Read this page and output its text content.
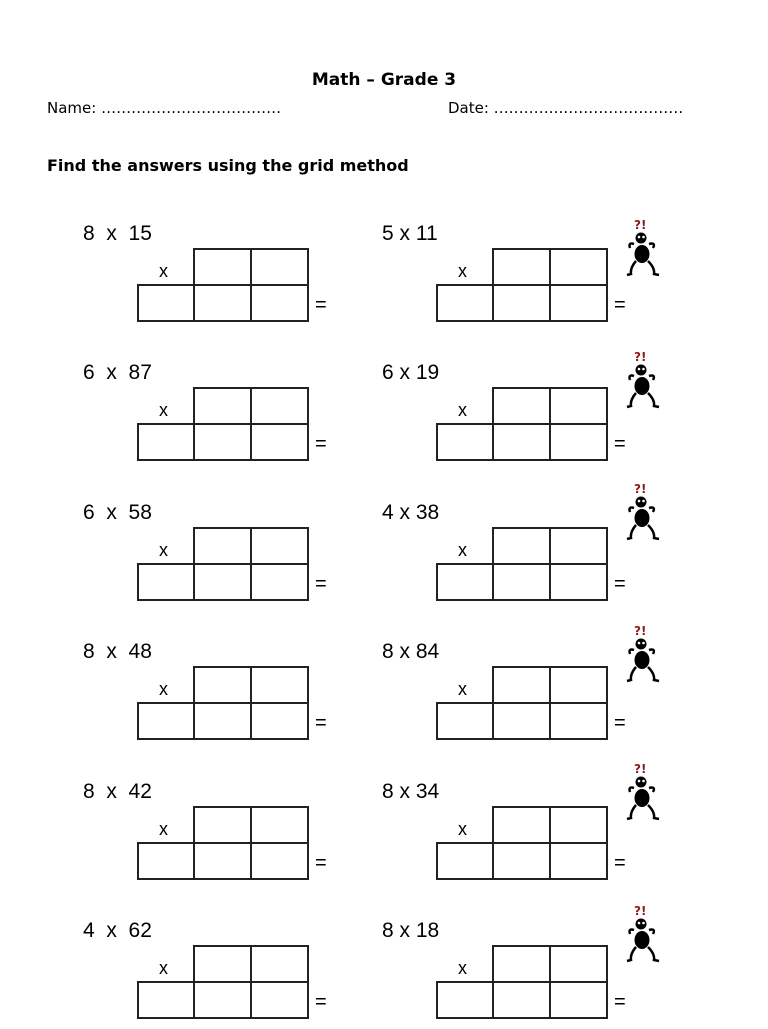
Math – Grade 3
Name: ………………………………	Date: …………..……………………
Find the answers using the grid method
8  x  15
x
=
5 x 11
x
=
6  x  87
x
=
6 x 19
x
=
6  x  58
x
=
4 x 38
x
=
8  x  48
x
=
8 x 84
x
=
8  x  42
x
=
8 x 34
x
=
4  x  62
x
=
8 x 18
x
=
?!
?!
?!
?!
?!
?!
